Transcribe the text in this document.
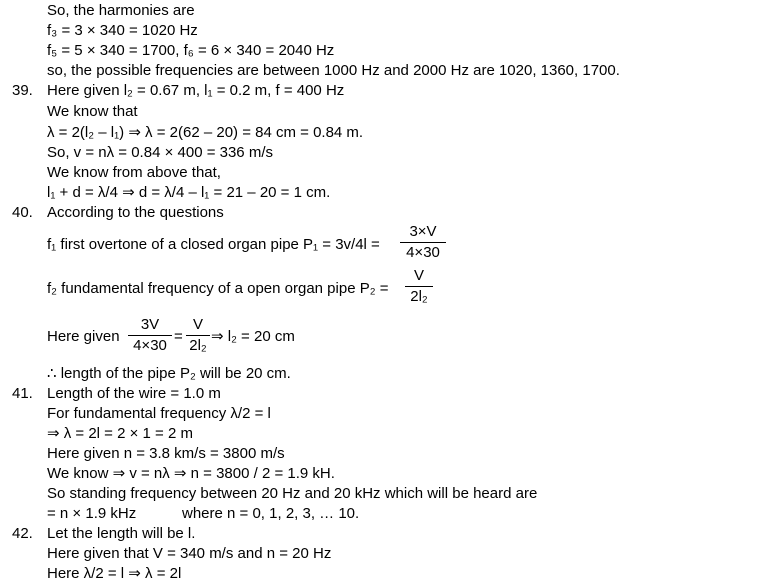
So, the harmonies are
f₃ = 3 × 340 = 1020 Hz
f₅ = 5 × 340 = 1700, f₆ = 6 × 340 = 2040 Hz
so, the possible frequencies are between 1000 Hz and 2000 Hz are 1020, 1360, 1700.
39. Here given l₂ = 0.67 m, l₁ = 0.2 m, f = 400 Hz
We know that
λ = 2(l₂ – l₁) ⇒ λ = 2(62 – 20) = 84 cm = 0.84 m.
So, v = nλ = 0.84 × 400 = 336 m/s
We know from above that,
l₁ + d = λ/4 ⇒ d = λ/4 – l₁ = 21 – 20 = 1 cm.
40. According to the questions
f₁ first overtone of a closed organ pipe P₁ = 3v/4l =
3×V
4×30
f₂ fundamental frequency of a open organ pipe P₂ =
V
2l₂
Here given
3V
4×30
=
V
2l₂
⇒ l₂ = 20 cm
∴ length of the pipe P₂ will be 20 cm.
41. Length of the wire = 1.0 m
For fundamental frequency λ/2 = l
⇒ λ = 2l = 2 × 1 = 2 m
Here given n = 3.8 km/s = 3800 m/s
We know ⇒ v = nλ ⇒ n = 3800 / 2 = 1.9 kH.
So standing frequency between 20 Hz and 20 kHz which will be heard are
= n × 1.9 kHz	where n = 0, 1, 2, 3, … 10.
42. Let the length will be l.
Here given that V = 340 m/s and n = 20 Hz
Here λ/2 = l ⇒ λ = 2l
